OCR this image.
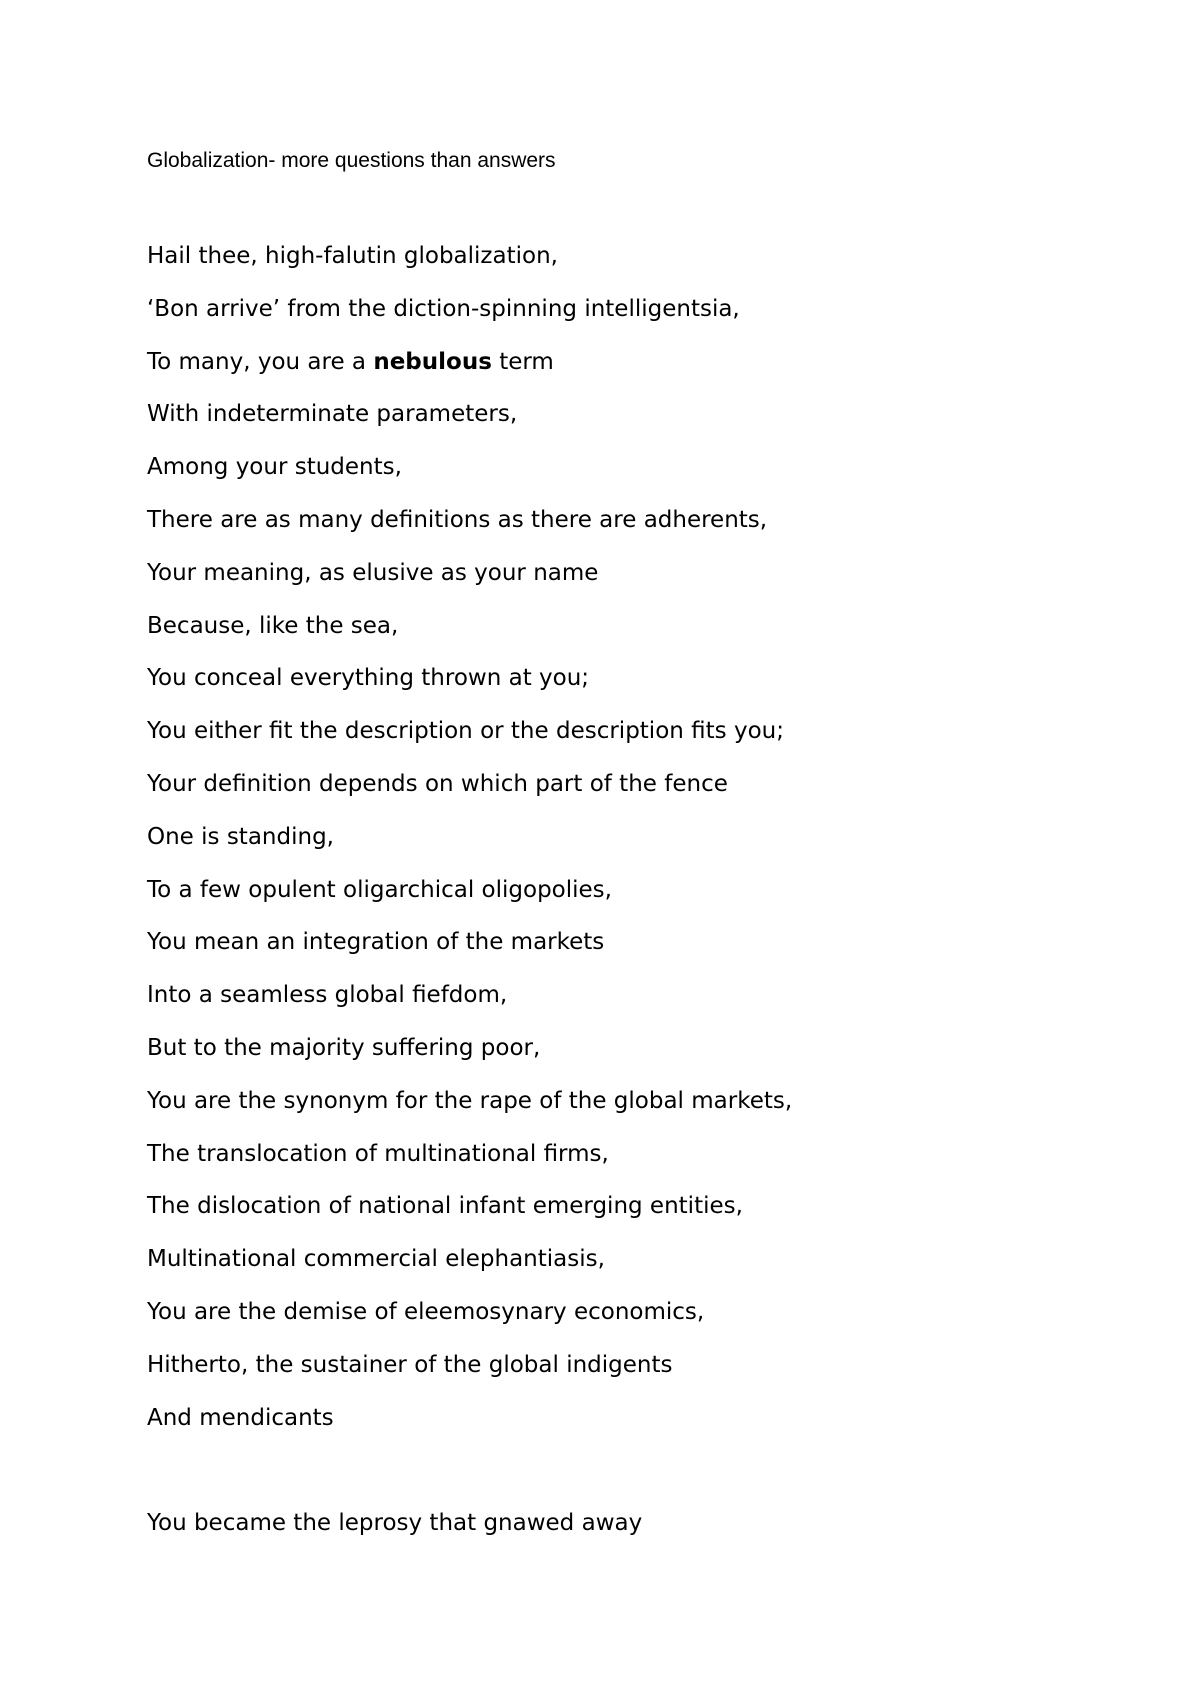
Globalization- more questions than answers
Hail thee, high-falutin globalization,
‘Bon arrive’ from the diction-spinning intelligentsia,
To many, you are a nebulous term
With indeterminate parameters,
Among your students,
There are as many definitions as there are adherents,
Your meaning, as elusive as your name
Because, like the sea,
You conceal everything thrown at you;
You either fit the description or the description fits you;
Your definition depends on which part of the fence
One is standing,
To a few opulent oligarchical oligopolies,
You mean an integration of the markets
Into a seamless global fiefdom,
But to the majority suffering poor,
You are the synonym for the rape of the global markets,
The translocation of multinational firms,
The dislocation of national infant emerging entities,
Multinational commercial elephantiasis,
You are the demise of eleemosynary economics,
Hitherto, the sustainer of the global indigents
And mendicants
You became the leprosy that gnawed away
